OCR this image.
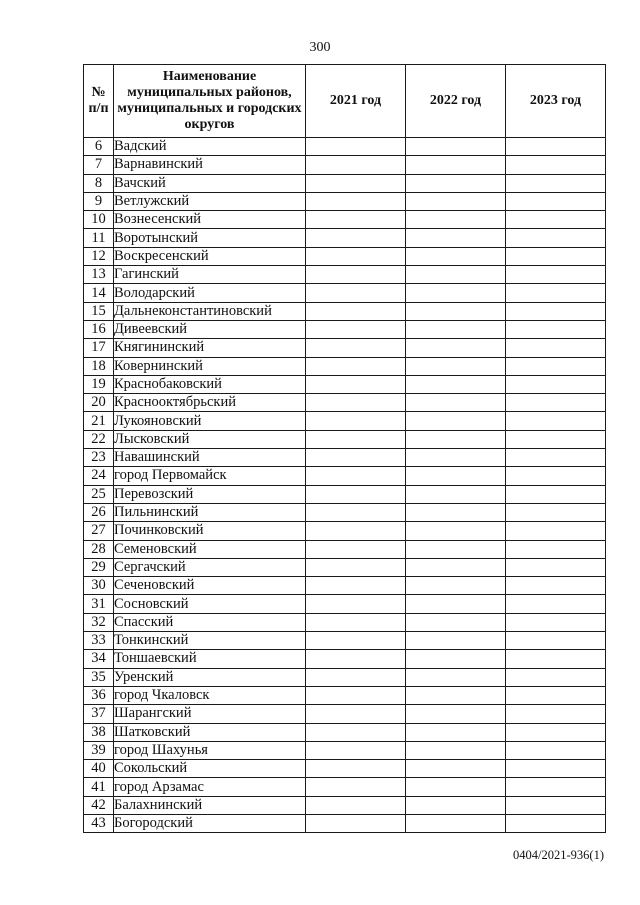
300
№
п/п	Наименование муниципальных районов, муниципальных и городских округов	2021 год	2022 год	2023 год
6	Вадский			
7	Варнавинский			
8	Вачский			
9	Ветлужский			
10	Вознесенский			
11	Воротынский			
12	Воскресенский			
13	Гагинский			
14	Володарский			
15	Дальнеконстантиновский			
16	Дивеевский			
17	Княгининский			
18	Ковернинский			
19	Краснобаковский			
20	Краснооктябрьский			
21	Лукояновский			
22	Лысковский			
23	Навашинский			
24	город Первомайск			
25	Перевозский			
26	Пильнинский			
27	Починковский			
28	Семеновский			
29	Сергачский			
30	Сеченовский			
31	Сосновский			
32	Спасский			
33	Тонкинский			
34	Тоншаевский			
35	Уренский			
36	город Чкаловск			
37	Шарангский			
38	Шатковский			
39	город Шахунья			
40	Сокольский			
41	город Арзамас			
42	Балахнинский			
43	Богородский			
0404/2021-936(1)
